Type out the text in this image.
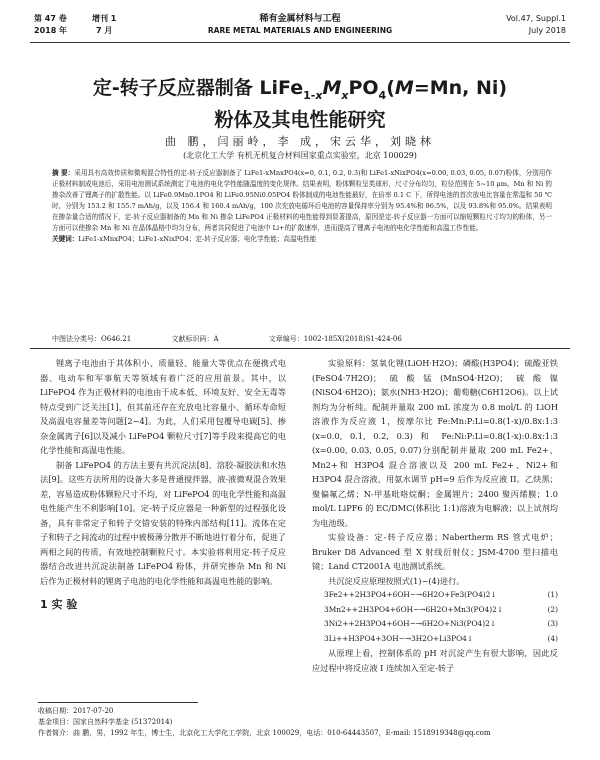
第 47 卷	增刊 1	稀有金属材料与工程	Vol.47, Suppl.1
2018 年	7 月	RARE METAL MATERIALS AND ENGINEERING	July 2018
定-转子反应器制备 $LiFe_{1-x}M_xPO_4(M=Mn$, Ni)
粉体及其电性能研究
曲 鹏，闫丽岭，李 成，宋云华，刘晓林
(北京化工大学 有机无机复合材料国家重点实验室，北京 100029)

摘 要：采用具有高效传质和微观混合特性的定-转子反应器制备了 LiFe1-xMnxPO4(x=0, 0.1, 0.2, 0.3)和 LiFe1-xNixPO4(x=0.00, 0.03, 0.05, 0.07)粉体，分别用作正极材料制成电池后，采用电池测试系统测定了电池的电化学性能随温度的变化规律。结果表明，粉体颗粒呈类球形，尺寸分布均匀，粒径范围在 5~10 μm。Mn 和 Ni 的掺杂改善了锂离子的扩散性能。以 LiFe0.9Mn0.1PO4 和 LiFe0.95Ni0.05PO4 粉体制成的电池性能最好，在倍率 0.1 C 下，所得电池的首次放电比容量在常温和 50 ℃ 时，分别为 153.2 和 155.7 mAh/g，以及 156.4 和 160.4 mAh/g，100 次充放电循环后电池的容量保持率分别为 95.4%和 96.5%，以及 93.8%和 95.0%。结果表明在掺杂量合适的情况下，定-转子反应器制备的 Mn 和 Ni 掺杂 LiFePO4 正极材料的电性能得到显著提高，原因是定-转子反应器一方面可以缩短颗粒尺寸均匀的粉体，另一方面可以使掺杂 Mn 和 Ni 在晶体晶格中均匀分布，两者共同促进了电池中 Li+的扩散速率，进而提高了锂离子电池的电化学性能和高温工作性能。
关键词：LiFe1-xMnxPO4；LiFe1-xNixPO4；定-转子反应器；电化学性能；高温电性能

中图法分类号：O646.21	文献标识码：A	文章编号：1002-185X(2018)S1-424-06

锂离子电池由于其体积小、质量轻、能量大等优点在便携式电器、电动车和军事航天等领域有着广泛的应用前景。其中，以 LiFePO4 作为正极材料的电池由于成本低、环境友好、安全无毒等特点受到广泛关注[1]，但其前还存在充放电比容量小、循环寿命短及高温电容量差等问题[2~4]。为此，人们采用包覆导电碳[5]、掺杂金属离子[6]以及减小 LiFePO4 颗粒尺寸[7]等手段来提高它的电化学性能和高温电性能。

制备 LiFePO4 的方法主要有共沉淀法[8]、溶胶-凝胶法和水热法[9]。这些方法所用的设备大多是普通搅拌器，液-液微观混合效果差，容易造成粉体颗粒尺寸不均，对 LiFePO4 的电化学性能和高温电性能产生不利影响[10]。定-转子反应器是一种新型的过程强化设备，具有非常定子和转子交错安装的特殊内部结构[11]。流体在定子和转子之间流动的过程中被极薄分散并不断地进行着分布，促进了两相之间的传质，有效地控制颗粒尺寸。本实验将利用定-转子反应器结合改进共沉淀法制备 LiFePO4 粉体，并研究掺杂 Mn 和 Ni 后作为正极材料的锂离子电池的电化学性能和高温电性能的影响。

1 实 验

实验原料：氢氧化锂(LiOH·H2O)；磷酸(H3PO4)；硫酸亚铁(FeSO4·7H2O)；硫酸锰(MnSO4·H2O)；硫酸镍(NiSO4·6H2O)；氨水(NH3·H2O)；葡萄糖(C6H12O6)。以上试剂均为分析纯。配制并量取 200 mL 浓度为 0.8 mol/L 的 LiOH 溶液作为反应液 1，按摩尔比 Fe:Mn:P:Li=0.8(1-x)/0.8x:1:3 (x=0.0, 0.1, 0.2, 0.3) 和 Fe:Ni:P:Li=0.8(1-x):0.8x:1:3 (x=0.00, 0.03, 0.05, 0.07)分别配制并量取 200 mL Fe2+、Mn2+和 H3PO4 混合溶液以及 200 mL Fe2+、Ni2+和 H3PO4 混合溶液，用氨水调节 pH=9 后作为反应液 II。乙炔黑；聚偏氟乙烯；N-甲基吡咯烷酮；金属锂片；2400 聚丙烯膜；1.0 mol/L LiPF6 的 EC/DMC(体积比 1:1)溶液为电解液；以上试剂均为电池级。

实验设备：定-转子反应器；Nabertherm RS 管式电炉；Bruker D8 Advanced 型 X 射线衍射仪；JSM-4700 型扫描电镜；Land CT2001A 电池测试系统。

共沉淀反应原理按照式(1)~(4)进行。

3Fe2++2H3PO4+6OH−→6H2O+Fe3(PO4)2↓	(1)
3Mn2++2H3PO4+6OH−→6H2O+Mn3(PO4)2↓	(2)
3Ni2++2H3PO4+6OH−→6H2O+Ni3(PO4)2↓	(3)
3Li++H3PO4+3OH−→3H2O+Li3PO4↓	(4)

从原理上看，控制体系的 pH 对沉淀产生有很大影响，因此反应过程中将反应液 I 连续加入至定-转子

收稿日期：2017-07-20
基金项目：国家自然科学基金 (51372014)
作者简介：曲 鹏，男，1992 年生，博士生，北京化工大学化工学院，北京 100029，电话：010-64443507，E-mail: 1518919348@qq.com
